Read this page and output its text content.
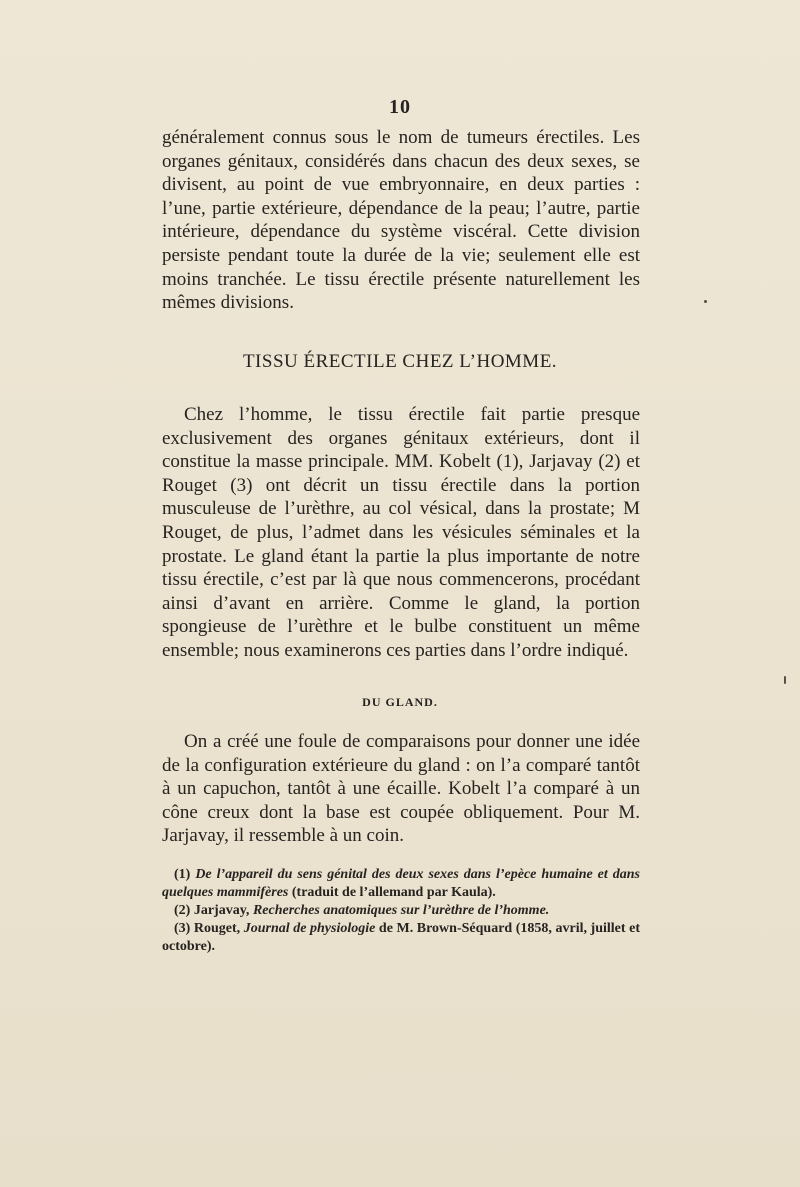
10

généralement connus sous le nom de tumeurs érectiles. Les organes génitaux, considérés dans chacun des deux sexes, se divisent, au point de vue embryonnaire, en deux parties : l’une, partie extérieure, dépendance de la peau; l’autre, partie intérieure, dépendance du système viscéral. Cette division persiste pendant toute la durée de la vie; seulement elle est moins tranchée. Le tissu érectile présente naturellement les mêmes divisions.

TISSU ÉRECTILE CHEZ L’HOMME.

Chez l’homme, le tissu érectile fait partie presque exclusivement des organes génitaux extérieurs, dont il constitue la masse principale. MM. Kobelt (1), Jarjavay (2) et Rouget (3) ont décrit un tissu érectile dans la portion musculeuse de l’urèthre, au col vésical, dans la prostate; M Rouget, de plus, l’admet dans les vésicules séminales et la prostate. Le gland étant la partie la plus importante de notre tissu érectile, c’est par là que nous commencerons, procédant ainsi d’avant en arrière. Comme le gland, la portion spongieuse de l’urèthre et le bulbe constituent un même ensemble; nous examinerons ces parties dans l’ordre indiqué.

DU GLAND.

On a créé une foule de comparaisons pour donner une idée de la configuration extérieure du gland : on l’a comparé tantôt à un capuchon, tantôt à une écaille. Kobelt l’a comparé à un cône creux dont la base est coupée obliquement. Pour M. Jarjavay, il ressemble à un coin.

(1) De l’appareil du sens génital des deux sexes dans l’epèce humaine et dans quelques mammifères (traduit de l’allemand par Kaula).

(2) Jarjavay, Recherches anatomiques sur l’urèthre de l’homme.

(3) Rouget, Journal de physiologie de M. Brown-Séquard (1858, avril, juillet et octobre).
